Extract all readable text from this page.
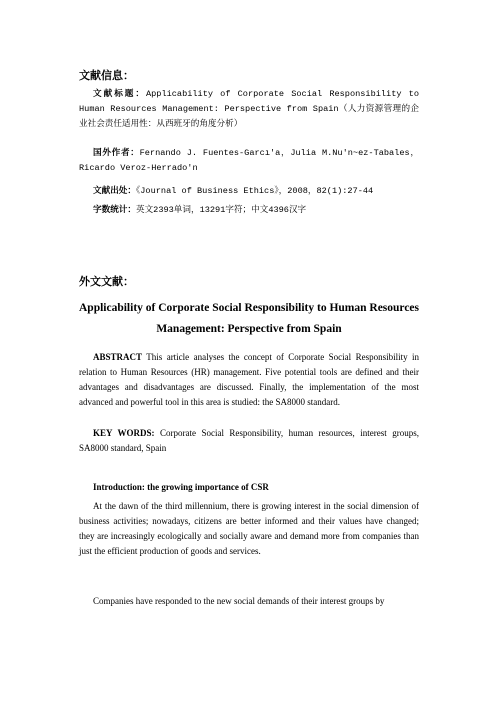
文献信息：
文献标题：Applicability of Corporate Social Responsibility to Human Resources Management: Perspective from Spain（人力资源管理的企业社会责任适用性：从西班牙的角度分析）
国外作者：Fernando J. Fuentes-Garcı'a，Julia M.Nu'n~ez-Tabales，Ricardo Veroz-Herrado'n
文献出处：《Journal of Business Ethics》，2008，82(1):27-44
字数统计：英文2393单词，13291字符；中文4396汉字
外文文献：
Applicability of Corporate Social Responsibility to Human Resources Management: Perspective from Spain
ABSTRACT This article analyses the concept of Corporate Social Responsibility in relation to Human Resources (HR) management. Five potential tools are defined and their advantages and disadvantages are discussed. Finally, the implementation of the most advanced and powerful tool in this area is studied: the SA8000 standard.
KEY WORDS: Corporate Social Responsibility, human resources, interest groups, SA8000 standard, Spain
Introduction: the growing importance of CSR
At the dawn of the third millennium, there is growing interest in the social dimension of business activities; nowadays, citizens are better informed and their values have changed; they are increasingly ecologically and socially aware and demand more from companies than just the efficient production of goods and services.
Companies have responded to the new social demands of their interest groups by
